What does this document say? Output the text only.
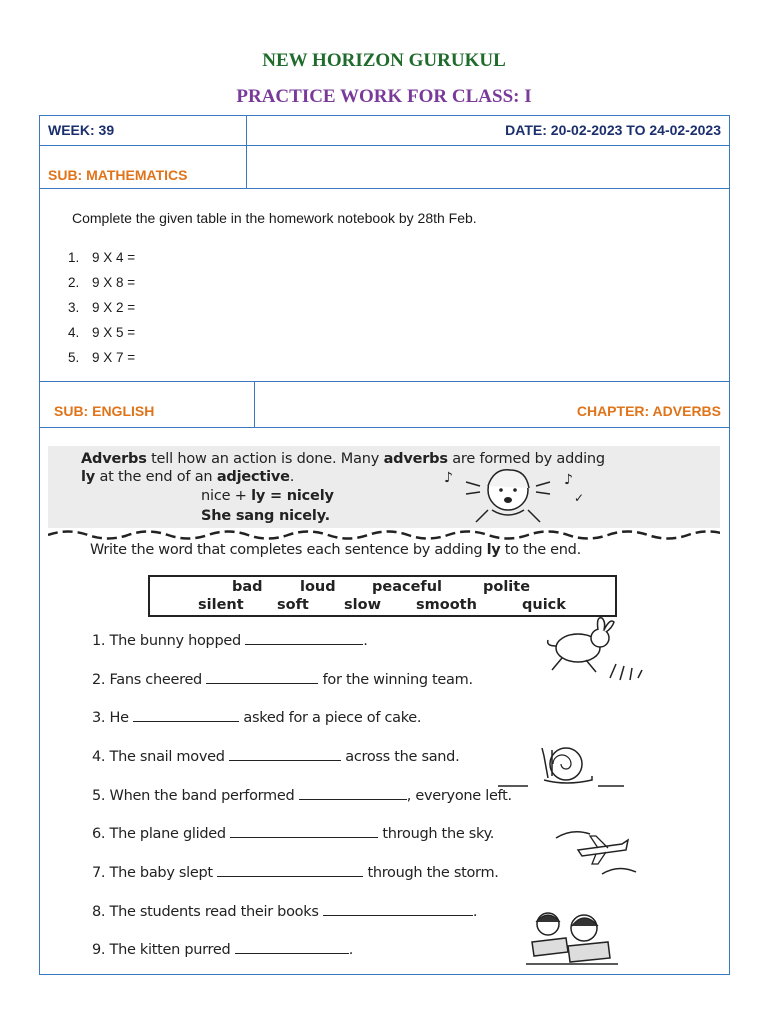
NEW HORIZON GURUKUL
PRACTICE WORK FOR CLASS: I
WEEK: 39	DATE: 20-02-2023 TO 24-02-2023
SUB: MATHEMATICS
Complete the given table in the homework notebook by 28th Feb.
1. 9 X 4 =
2. 9 X 8 =
3. 9 X 2 =
4. 9 X 5 =
5. 9 X 7 =
SUB: ENGLISH	CHAPTER: ADVERBS
Adverbs tell how an action is done. Many adverbs are formed by adding
ly at the end of an adjective.
nice + ly = nicely
She sang nicely.
♪	♪
✓
Write the word that completes each sentence by adding ly to the end.
bad	loud	peaceful	polite
silent soft slow smooth	quick
1. The bunny hopped	.
2. Fans cheered	for the winning team.
3. He	asked for a piece of cake.
4. The snail moved	across the sand.
5. When the band performed	, everyone left.
6. The plane glided	through the sky.
7. The baby slept	through the storm.
8. The students read their books	.
9. The kitten purred	.
